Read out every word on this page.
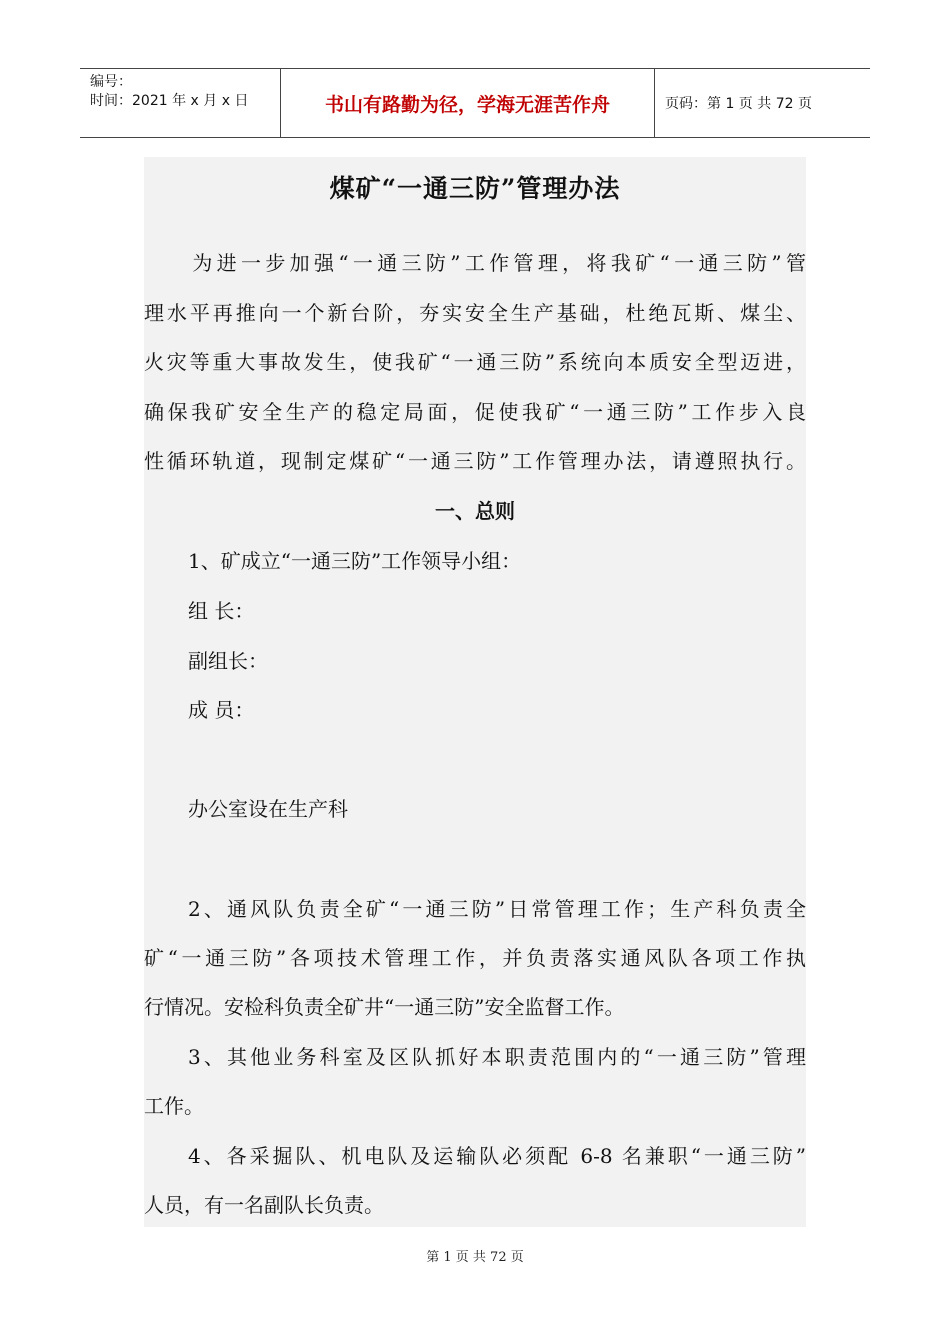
编号：
时间：2021 年 x 月 x 日	书山有路勤为径，学海无涯苦作舟	页码：第 1 页 共 72 页
煤矿“一通三防”管理办法
为进一步加强“一通三防”工作管理，将我矿“一通三防”管
理水平再推向一个新台阶，夯实安全生产基础，杜绝瓦斯、煤尘、
火灾等重大事故发生，使我矿“一通三防”系统向本质安全型迈进，
确保我矿安全生产的稳定局面，促使我矿“一通三防”工作步入良
性循环轨道，现制定煤矿“一通三防”工作管理办法，请遵照执行。
一、总则
1、矿成立“一通三防”工作领导小组：
组 长：
副组长：
成 员：
办公室设在生产科
2、通风队负责全矿“一通三防”日常管理工作；生产科负责全
矿“一通三防”各项技术管理工作，并负责落实通风队各项工作执
行情况。安检科负责全矿井“一通三防”安全监督工作。
3、其他业务科室及区队抓好本职责范围内的“一通三防”管理
工作。
4、各采掘队、机电队及运输队必须配 6-8 名兼职“一通三防”
人员，有一名副队长负责。
第 1 页 共 72 页
